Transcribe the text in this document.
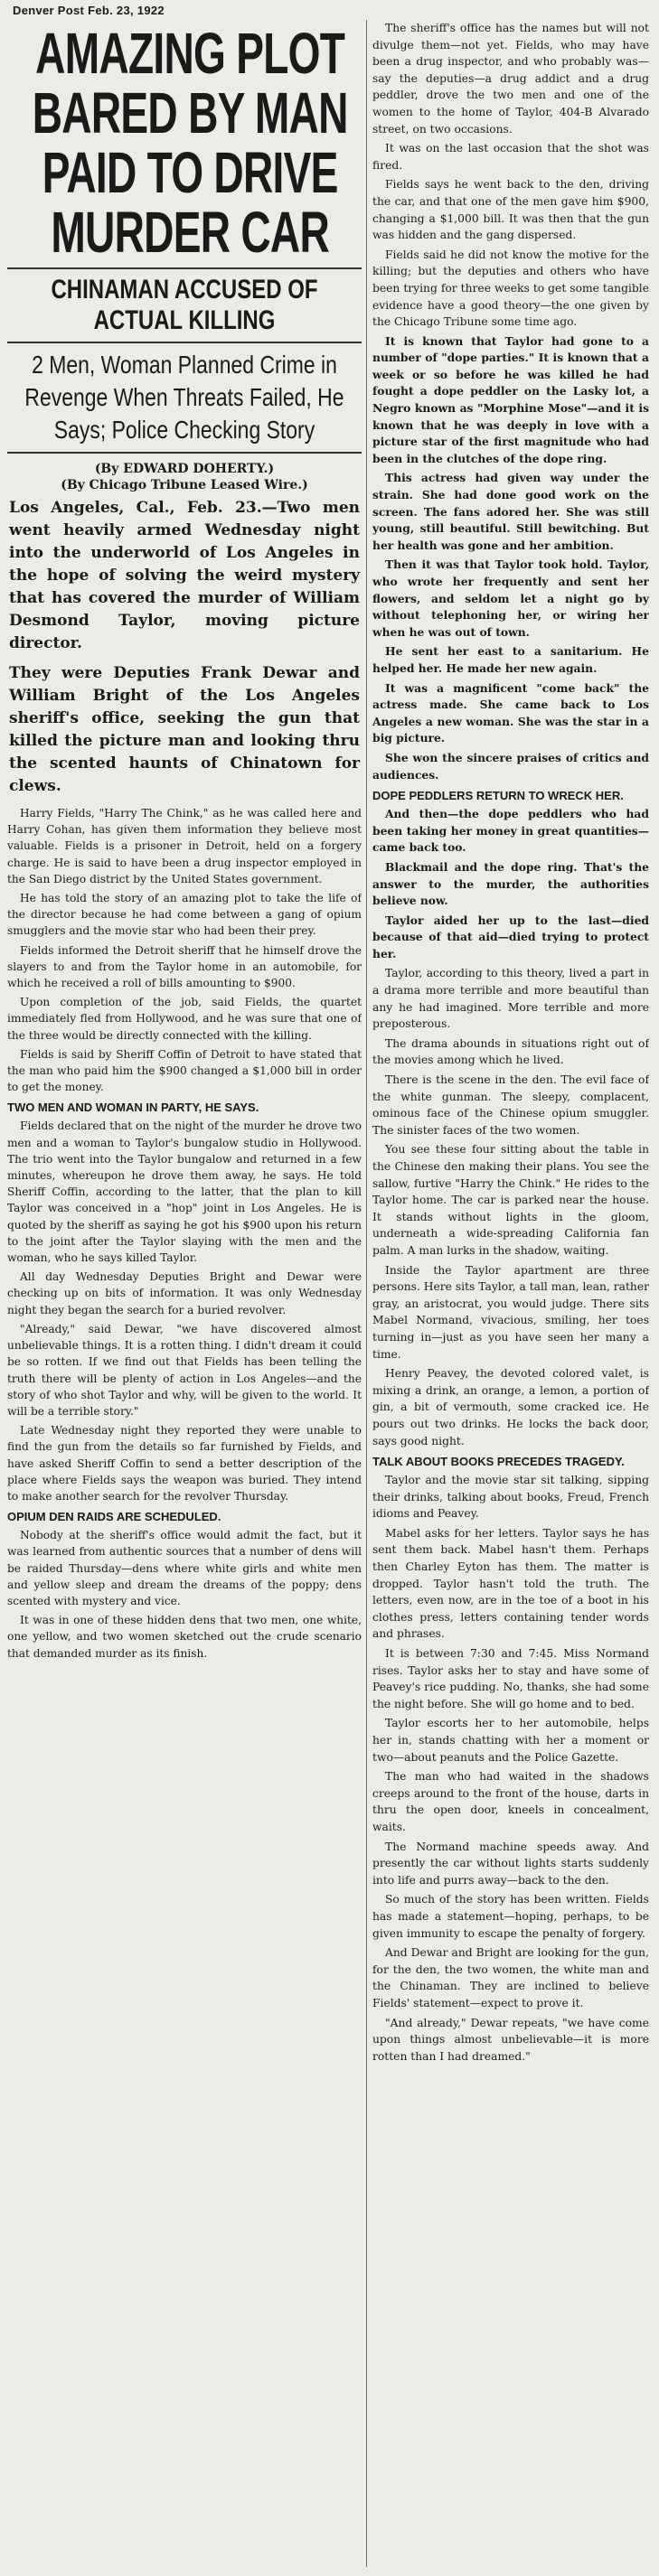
Denver Post Feb. 23, 1922
AMAZING PLOT BARED BY MAN PAID TO DRIVE MURDER CAR
CHINAMAN ACCUSED OF ACTUAL KILLING
2 Men, Woman Planned Crime in Revenge When Threats Failed, He Says; Police Checking Story
(By EDWARD DOHERTY.)
(By Chicago Tribune Leased Wire.)
Los Angeles, Cal., Feb. 23.—Two men went heavily armed Wednesday night into the underworld of Los Angeles in the hope of solving the weird mystery that has covered the murder of William Desmond Taylor, moving picture director.
They were Deputies Frank Dewar and William Bright of the Los Angeles sheriff's office, seeking the gun that killed the picture man and looking thru the scented haunts of Chinatown for clews.

Harry Fields, "Harry The Chink," as he was called here and Harry Cohan, has given them information they believe most valuable. Fields is a prisoner in Detroit, held on a forgery charge. He is said to have been a drug inspector employed in the San Diego district by the United States government.

He has told the story of an amazing plot to take the life of the director because he had come between a gang of opium smugglers and the movie star who had been their prey.

Fields informed the Detroit sheriff that he himself drove the slayers to and from the Taylor home in an automobile, for which he received a roll of bills amounting to $900.

Upon completion of the job, said Fields, the quartet immediately fled from Hollywood, and he was sure that one of the three would be directly connected with the killing.

Fields is said by Sheriff Coffin of Detroit to have stated that the man who paid him the $900 changed a $1,000 bill in order to get the money.

TWO MEN AND WOMAN IN PARTY, HE SAYS.

Fields declared that on the night of the murder he drove two men and a woman to Taylor's bungalow studio in Hollywood. The trio went into the Taylor bungalow and returned in a few minutes, whereupon he drove them away, he says. He told Sheriff Coffin, according to the latter, that the plan to kill Taylor was conceived in a "hop" joint in Los Angeles. He is quoted by the sheriff as saying he got his $900 upon his return to the joint after the Taylor slaying with the men and the woman, who he says killed Taylor.

All day Wednesday Deputies Bright and Dewar were checking up on bits of information. It was only Wednesday night they began the search for a buried revolver.

"Already," said Dewar, "we have discovered almost unbelievable things. It is a rotten thing. I didn't dream it could be so rotten. If we find out that Fields has been telling the truth there will be plenty of action in Los Angeles—and the story of who shot Taylor and why, will be given to the world. It will be a terrible story."

Late Wednesday night they reported they were unable to find the gun from the details so far furnished by Fields, and have asked Sheriff Coffin to send a better description of the place where Fields says the weapon was buried. They intend to make another search for the revolver Thursday.

OPIUM DEN RAIDS ARE SCHEDULED.

Nobody at the sheriff's office would admit the fact, but it was learned from authentic sources that a number of dens will be raided Thursday—dens where white girls and white men and yellow sleep and dream the dreams of the poppy; dens scented with mystery and vice.

It was in one of these hidden dens that two men, one white, one yellow, and two women sketched out the crude scenario that demanded murder as its finish.

The sheriff's office has the names but will not divulge them—not yet. Fields, who may have been a drug inspector, and who probably was—say the deputies—a drug addict and a drug peddler, drove the two men and one of the women to the home of Taylor, 404-B Alvarado street, on two occasions.

It was on the last occasion that the shot was fired.

Fields says he went back to the den, driving the car, and that one of the men gave him $900, changing a $1,000 bill. It was then that the gun was hidden and the gang dispersed.

Fields said he did not know the motive for the killing; but the deputies and others who have been trying for three weeks to get some tangible evidence have a good theory—the one given by the Chicago Tribune some time ago.

It is known that Taylor had gone to a number of "dope parties." It is known that a week or so before he was killed he had fought a dope peddler on the Lasky lot, a Negro known as "Morphine Mose"—and it is known that he was deeply in love with a picture star of the first magnitude who had been in the clutches of the dope ring.

This actress had given way under the strain. She had done good work on the screen. The fans adored her. She was still young, still beautiful. Still bewitching. But her health was gone and her ambition.

Then it was that Taylor took hold. Taylor, who wrote her frequently and sent her flowers, and seldom let a night go by without telephoning her, or wiring her when he was out of town.

He sent her east to a sanitarium. He helped her. He made her new again.

It was a magnificent "come back" the actress made. She came back to Los Angeles a new woman. She was the star in a big picture.

She won the sincere praises of critics and audiences.

DOPE PEDDLERS RETURN TO WRECK HER.

And then—the dope peddlers who had been taking her money in great quantities—came back too.

Blackmail and the dope ring. That's the answer to the murder, the authorities believe now.

Taylor aided her up to the last—died because of that aid—died trying to protect her.

Taylor, according to this theory, lived a part in a drama more terrible and more beautiful than any he had imagined. More terrible and more preposterous.

The drama abounds in situations right out of the movies among which he lived.

There is the scene in the den. The evil face of the white gunman. The sleepy, complacent, ominous face of the Chinese opium smuggler. The sinister faces of the two women.

You see these four sitting about the table in the Chinese den making their plans. You see the sallow, furtive "Harry the Chink." He rides to the Taylor home. The car is parked near the house. It stands without lights in the gloom, underneath a wide-spreading California fan palm. A man lurks in the shadow, waiting.

Inside the Taylor apartment are three persons. Here sits Taylor, a tall man, lean, rather gray, an aristocrat, you would judge. There sits Mabel Normand, vivacious, smiling, her toes turning in—just as you have seen her many a time.

Henry Peavey, the devoted colored valet, is mixing a drink, an orange, a lemon, a portion of gin, a bit of vermouth, some cracked ice. He pours out two drinks. He locks the back door, says good night.

TALK ABOUT BOOKS PRECEDES TRAGEDY.

Taylor and the movie star sit talking, sipping their drinks, talking about books, Freud, French idioms and Peavey.

Mabel asks for her letters. Taylor says he has sent them back. Mabel hasn't them. Perhaps then Charley Eyton has them. The matter is dropped. Taylor hasn't told the truth. The letters, even now, are in the toe of a boot in his clothes press, letters containing tender words and phrases.

It is between 7:30 and 7:45. Miss Normand rises. Taylor asks her to stay and have some of Peavey's rice pudding. No, thanks, she had some the night before. She will go home and to bed.

Taylor escorts her to her automobile, helps her in, stands chatting with her a moment or two—about peanuts and the Police Gazette.

The man who had waited in the shadows creeps around to the front of the house, darts in thru the open door, kneels in concealment, waits.

The Normand machine speeds away. And presently the car without lights starts suddenly into life and purrs away—back to the den.

So much of the story has been written. Fields has made a statement—hoping, perhaps, to be given immunity to escape the penalty of forgery.

And Dewar and Bright are looking for the gun, for the den, the two women, the white man and the Chinaman. They are inclined to believe Fields' statement—expect to prove it.

"And already," Dewar repeats, "we have come upon things almost unbelievable—it is more rotten than I had dreamed."
